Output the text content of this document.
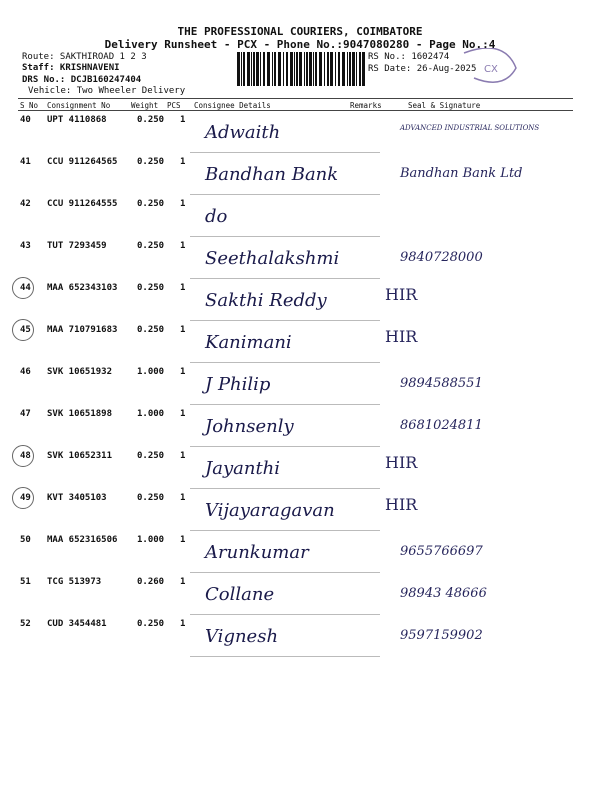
THE PROFESSIONAL COURIERS, COIMBATORE
Delivery Runsheet - PCX - Phone No.:9047080280 - Page No.:4
Route: SAKTHIROAD 1 2 3
Staff: KRISHNAVENI
DRS No.: DCJB160247404
Vehicle: Two Wheeler Delivery
RS No.: 1602474
RS Date: 26-Aug-2025 CX
S No Consignment No	Weight PCS Consignee Details	Remarks	Seal & Signature
40 UPT 4110868	0.250 1
Adwaith	ADVANCED INDUSTRIAL SOLUTIONS
41 CCU 911264565 0.250 1
Bandhan Bank	Bandhan Bank Ltd
42 CCU 911264555 0.250 1
do
43 TUT 7293459	0.250 1
Seethalakshmi	9840728000
44 MAA 652343103 0.250 1
Sakthi Reddy	HIR
45 MAA 710791683 0.250 1
Kanimani	HIR
46 SVK 10651932	1.000 1
J Philip	9894588551
47 SVK 10651898	1.000 1
Johnsenly	8681024811
48 SVK 10652311	0.250 1
Jayanthi	HIR
49 KVT 3405103	0.250 1
Vijayaragavan	HIR
50 MAA 652316506 1.000 1
Arunkumar	9655766697
51 TCG 513973	0.260 1
Collane	98943 48666
52 CUD 3454481	0.250 1
Vignesh	9597159902
